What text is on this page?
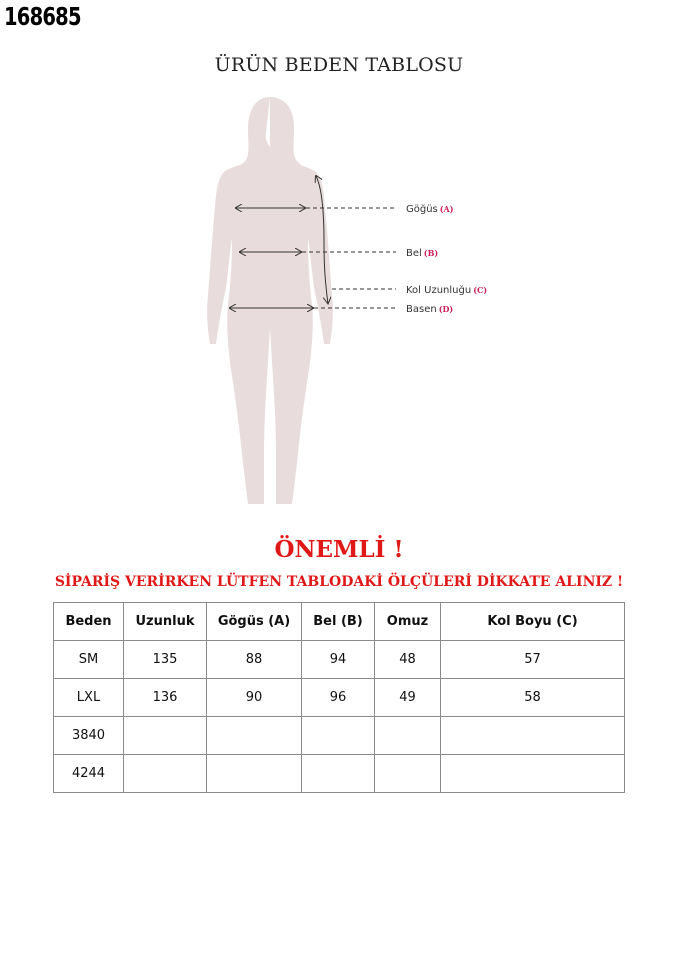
168685
ÜRÜN BEDEN TABLOSU
Göğüs (A)
Bel (B)
Kol Uzunluğu (C)
Basen (D)
ÖNEMLİ !
SİPARİŞ VERİRKEN LÜTFEN TABLODAKİ ÖLÇÜLERİ DİKKATE ALINIZ !
Beden	Uzunluk	Gögüs (A)	Bel (B)	Omuz	Kol Boyu (C)
SM	135	88	94	48	57
LXL	136	90	96	49	58
3840					
4244					
